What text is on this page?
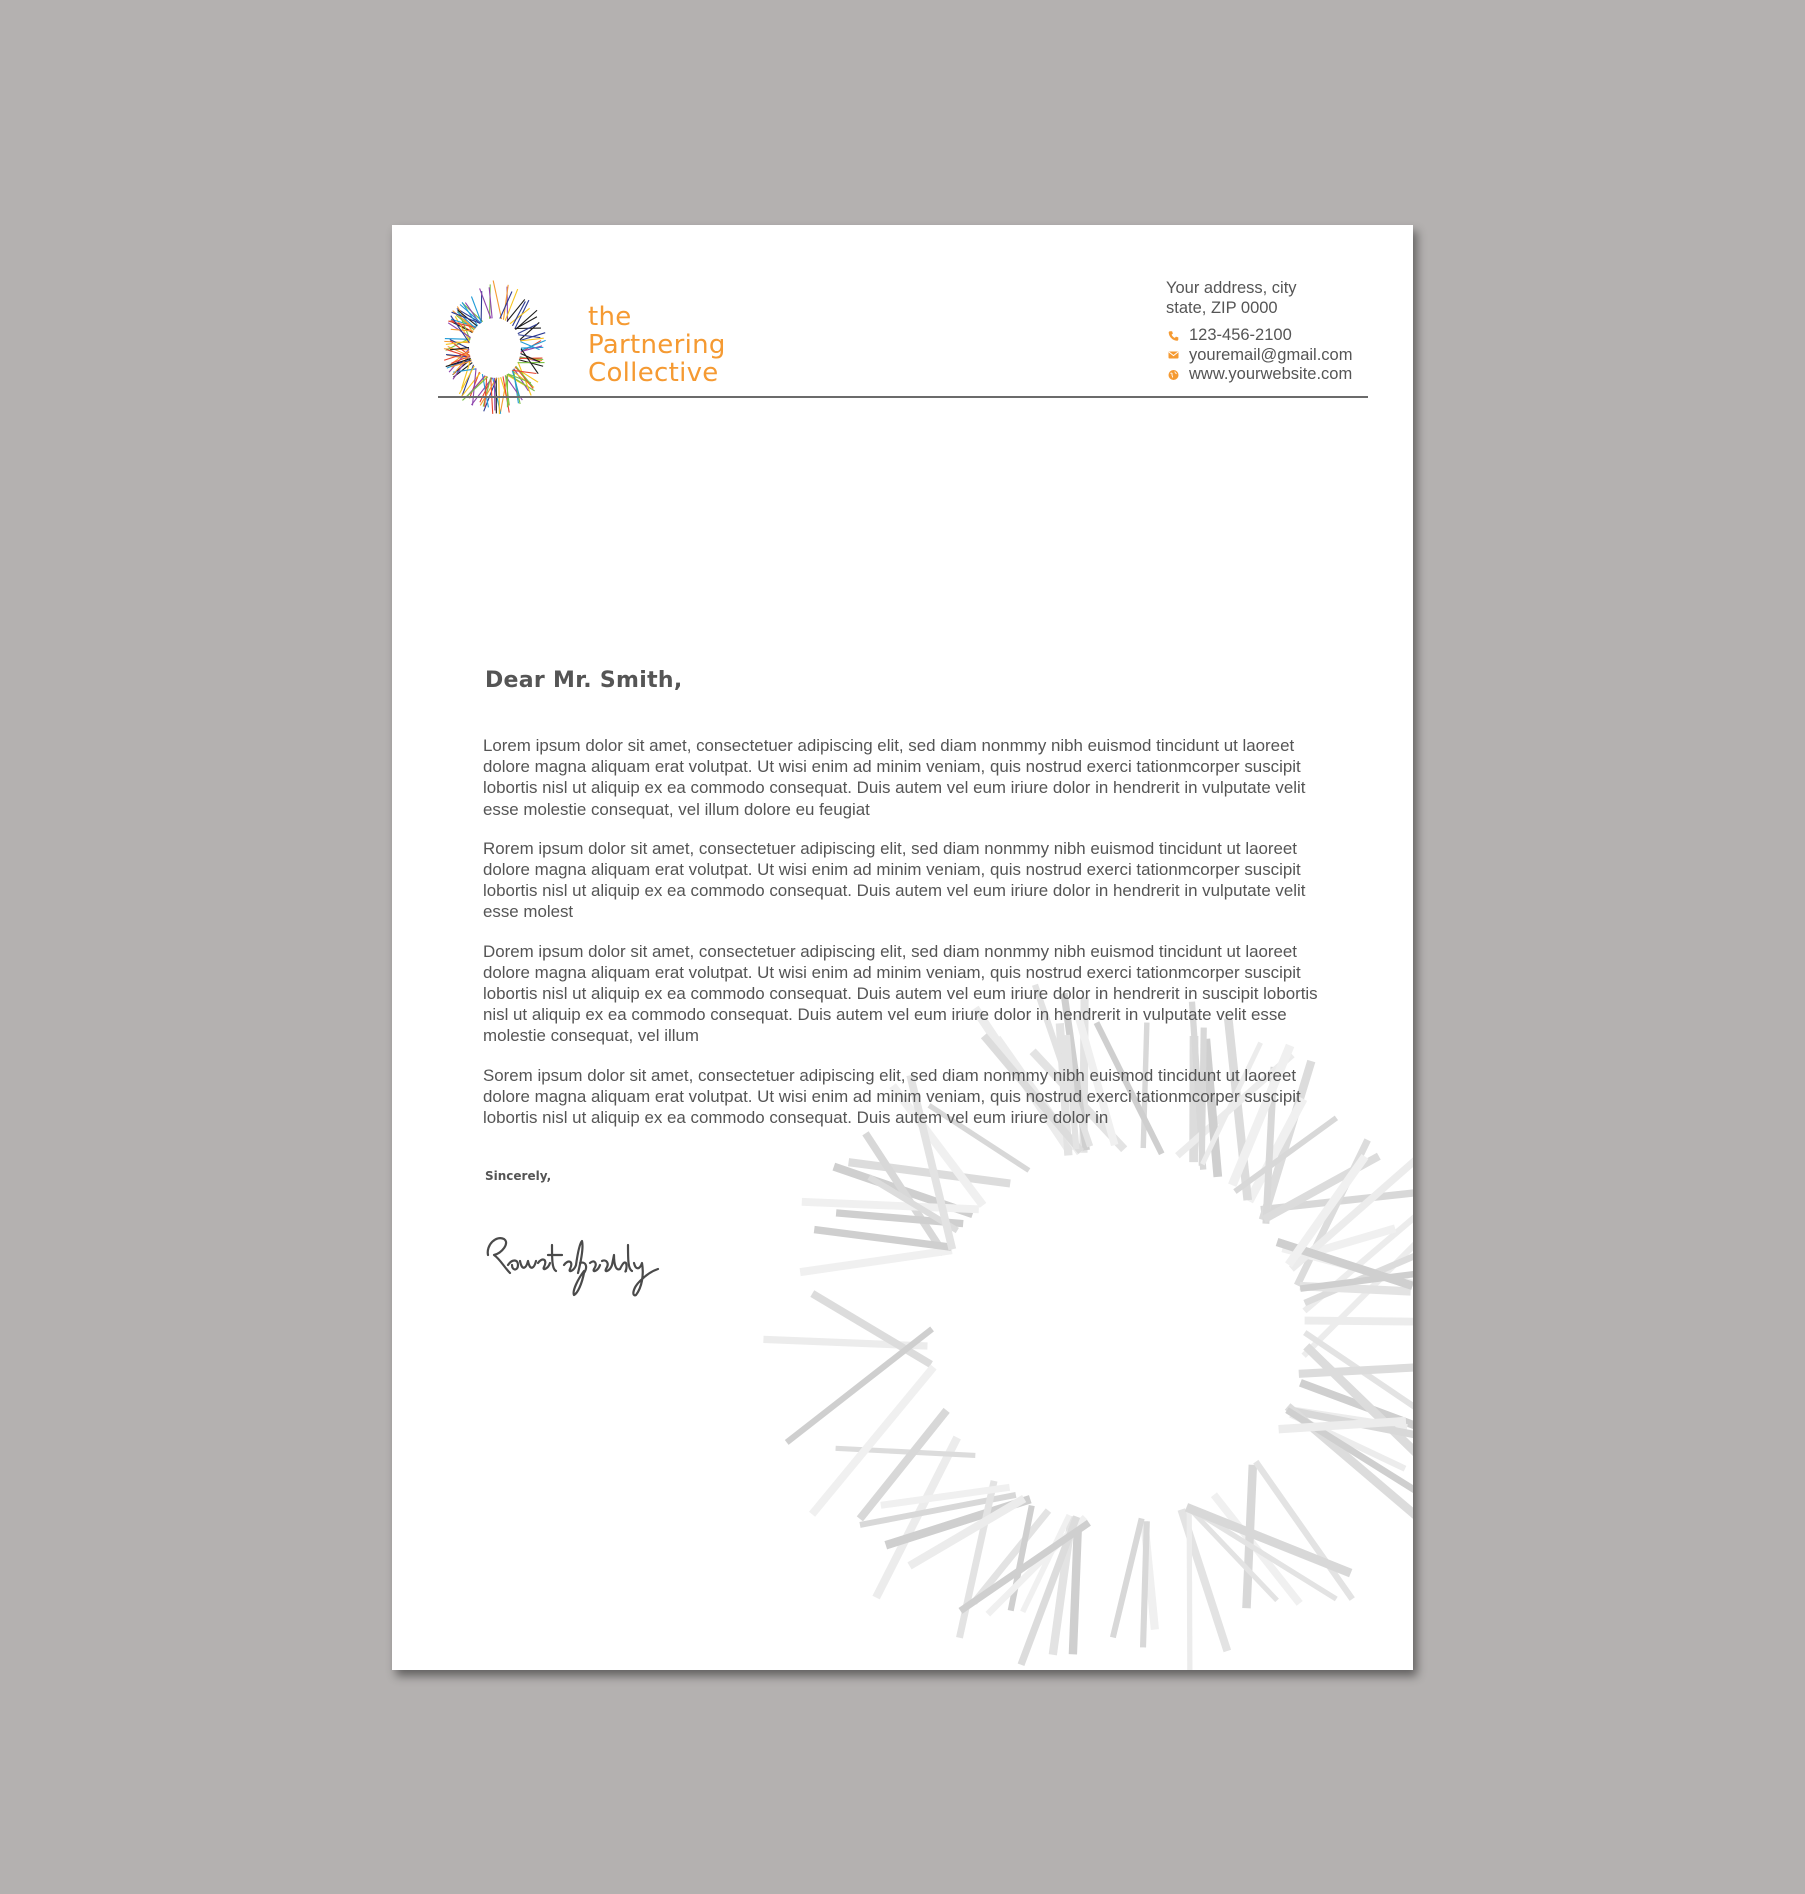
the
Partnering
Collective
Your address, city
state, ZIP 0000
123-456-2100
youremail@gmail.com
www.yourwebsite.com
Dear Mr. Smith,

Lorem ipsum dolor sit amet, consectetuer adipiscing elit, sed diam nonmmy nibh euismod tincidunt ut laoreet dolore magna aliquam erat volutpat. Ut wisi enim ad minim veniam, quis nostrud exerci tationmcorper suscipit lobortis nisl ut aliquip ex ea commodo consequat. Duis autem vel eum iriure dolor in hendrerit in vulputate velit esse molestie consequat, vel illum dolore eu feugiat

Rorem ipsum dolor sit amet, consectetuer adipiscing elit, sed diam nonmmy nibh euismod tincidunt ut laoreet dolore magna aliquam erat volutpat. Ut wisi enim ad minim veniam, quis nostrud exerci tationmcorper suscipit lobortis nisl ut aliquip ex ea commodo consequat. Duis autem vel eum iriure dolor in hendrerit in vulputate velit esse molest

Dorem ipsum dolor sit amet, consectetuer adipiscing elit, sed diam nonmmy nibh euismod tincidunt ut laoreet dolore magna aliquam erat volutpat. Ut wisi enim ad minim veniam, quis nostrud exerci tationmcorper suscipit lobortis nisl ut aliquip ex ea commodo consequat. Duis autem vel eum iriure dolor in hendrerit in suscipit lobortis nisl ut aliquip ex ea commodo consequat. Duis autem vel eum iriure dolor in hendrerit in vulputate velit esse molestie consequat, vel illum

Sorem ipsum dolor sit amet, consectetuer adipiscing elit, sed diam nonmmy nibh euismod tincidunt ut laoreet dolore magna aliquam erat volutpat. Ut wisi enim ad minim veniam, quis nostrud exerci tationmcorper suscipit lobortis nisl ut aliquip ex ea commodo consequat. Duis autem vel eum iriure dolor in

Sincerely,
